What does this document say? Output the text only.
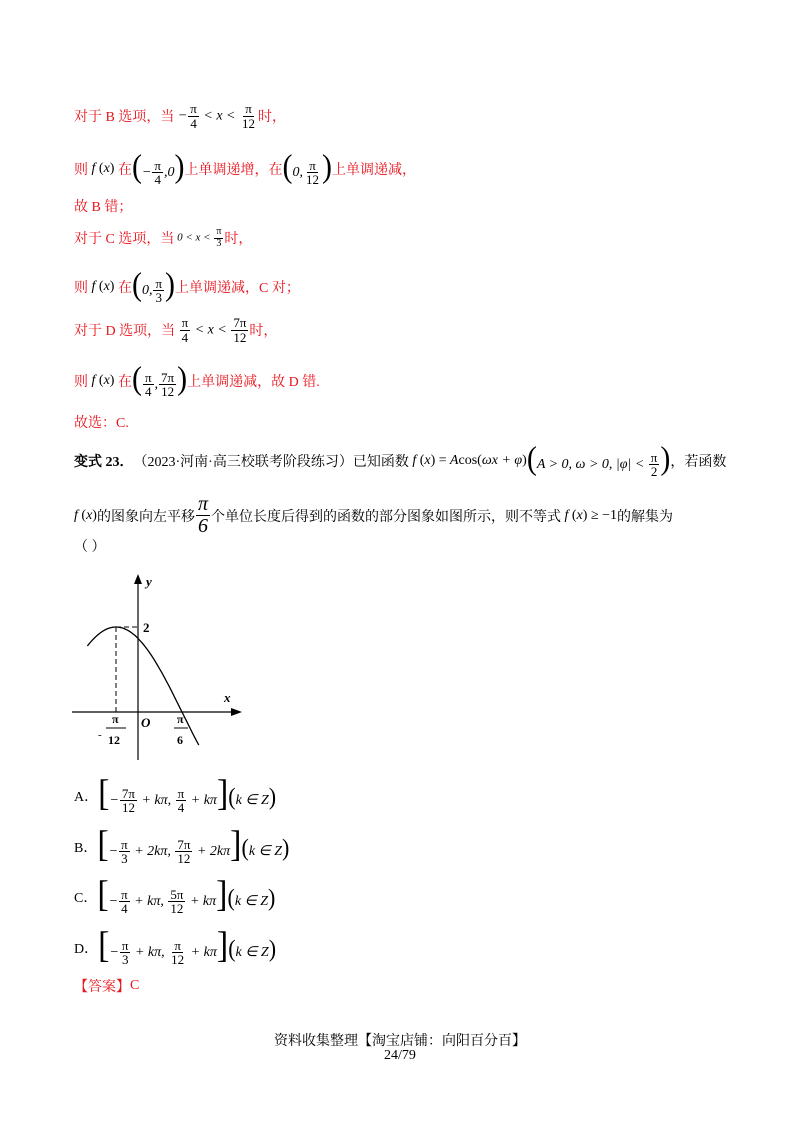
对于 B 选项，当 − $\frac{\pi}{4} < x < \frac{\pi}{12}$ 时，
则 f (x) 在 (− $\frac{\pi}{4} ,0$) 上单调递增，在 (0, $\frac{\pi}{12}$ ) 上单调递减，
故 B 错；
对于 C 选项，当 $0 < x < \frac{\pi}{3}$ 时，
则 f (x) 在 (0, $\frac{\pi}{3}$ ) 上单调递减，C 对；
对于 D 选项，当
$\frac{\pi}{4} < x < \frac{7\pi}{12}$ 时，
则 f (x) 在 ( $\frac{\pi}{4}$ , $\frac{7\pi}{12}$ ) 上单调递减，故 D 错.
故选：C.
变式 23． （2023·河南·高三校联考阶段练习）已知函数 f (x) = Acos(ωx + φ) (A > 0, ω > 0, $|\varphi| < \frac{\pi}{2}$ ) ，若函数
f (x) 的图象向左平移 $\frac{\pi}{6}$ 个单位长度后得到的函数的部分图象如图所示，则不等式 f (x) ≥ −1 的解集为
（ ）
y
x
2
O
-
π
12
π
6
A． [− $\frac{7\pi}{12} + k\pi$, $\frac{\pi}{4} + k\pi](k$ ∈ Z)
B． [− $\frac{\pi}{3} + 2k\pi$, $\frac{7\pi}{12} + 2k\pi](k$ ∈ Z)
C． [− $\frac{\pi}{4} + k\pi$, $\frac{5\pi}{12} + k\pi](k$ ∈ Z)
D． [− $\frac{\pi}{3} + k\pi$, $\frac{\pi}{12} + k\pi](k$ ∈ Z)
【答案】 C
资料收集整理【淘宝店铺：向阳百分百】
24/79
